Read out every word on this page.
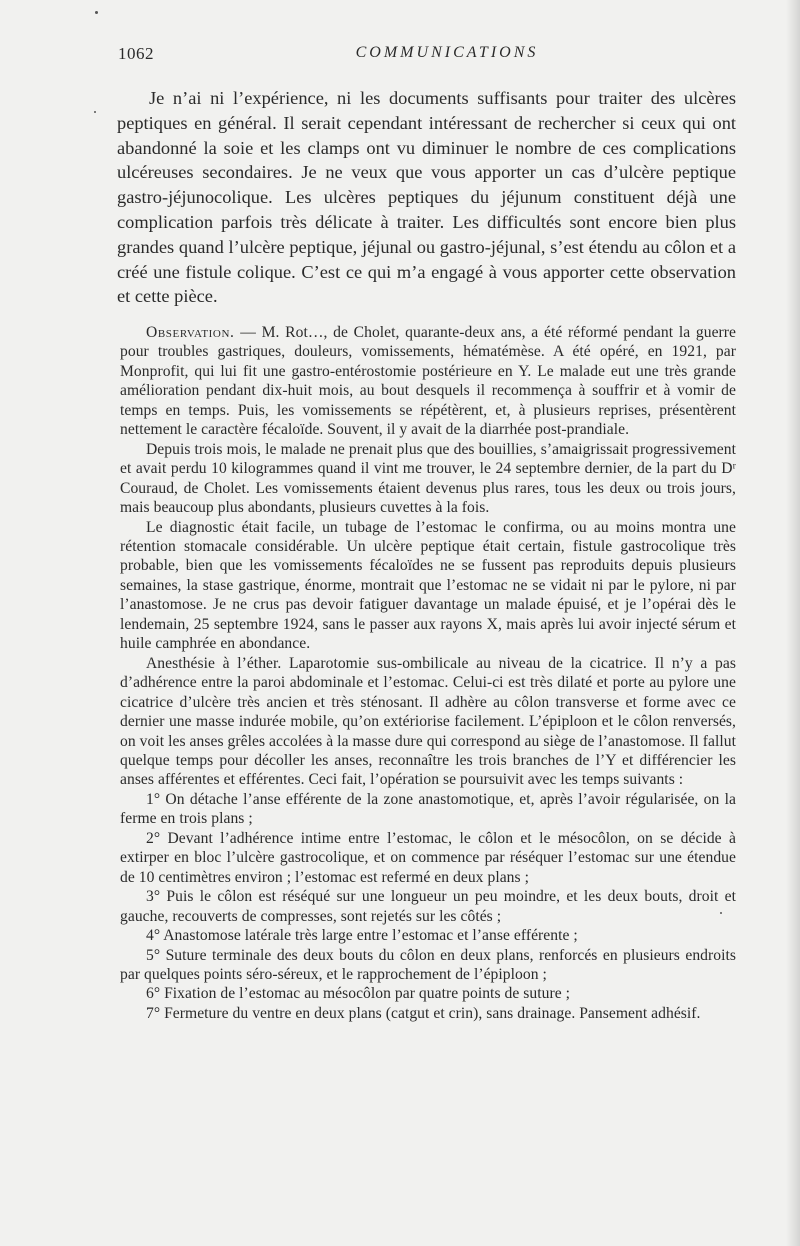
1062	COMMUNICATIONS

Je n’ai ni l’expérience, ni les documents suffisants pour traiter des ulcères peptiques en général. Il serait cependant intéressant de rechercher si ceux qui ont abandonné la soie et les clamps ont vu diminuer le nombre de ces complications ulcéreuses secondaires. Je ne veux que vous apporter un cas d’ulcère peptique gastro-jéjunocolique. Les ulcères peptiques du jéjunum constituent déjà une complication parfois très délicate à traiter. Les difficultés sont encore bien plus grandes quand l’ulcère peptique, jéjunal ou gastro-jéjunal, s’est étendu au côlon et a créé une fistule colique. C’est ce qui m’a engagé à vous apporter cette observation et cette pièce.

Observation. — M. Rot…, de Cholet, quarante-deux ans, a été réformé pendant la guerre pour troubles gastriques, douleurs, vomissements, hématémèse. A été opéré, en 1921, par Monprofit, qui lui fit une gastro-entérostomie postérieure en Y. Le malade eut une très grande amélioration pendant dix-huit mois, au bout desquels il recommença à souffrir et à vomir de temps en temps. Puis, les vomissements se répétèrent, et, à plusieurs reprises, présentèrent nettement le caractère fécaloïde. Souvent, il y avait de la diarrhée post-prandiale.

Depuis trois mois, le malade ne prenait plus que des bouillies, s’amaigrissait progressivement et avait perdu 10 kilogrammes quand il vint me trouver, le 24 septembre dernier, de la part du Dʳ Couraud, de Cholet. Les vomissements étaient devenus plus rares, tous les deux ou trois jours, mais beaucoup plus abondants, plusieurs cuvettes à la fois.

Le diagnostic était facile, un tubage de l’estomac le confirma, ou au moins montra une rétention stomacale considérable. Un ulcère peptique était certain, fistule gastrocolique très probable, bien que les vomissements fécaloïdes ne se fussent pas reproduits depuis plusieurs semaines, la stase gastrique, énorme, montrait que l’estomac ne se vidait ni par le pylore, ni par l’anastomose. Je ne crus pas devoir fatiguer davantage un malade épuisé, et je l’opérai dès le lendemain, 25 septembre 1924, sans le passer aux rayons X, mais après lui avoir injecté sérum et huile camphrée en abondance.

Anesthésie à l’éther. Laparotomie sus-ombilicale au niveau de la cicatrice. Il n’y a pas d’adhérence entre la paroi abdominale et l’estomac. Celui-ci est très dilaté et porte au pylore une cicatrice d’ulcère très ancien et très sténosant. Il adhère au côlon transverse et forme avec ce dernier une masse indurée mobile, qu’on extériorise facilement. L’épiploon et le côlon renversés, on voit les anses grêles accolées à la masse dure qui correspond au siège de l’anastomose. Il fallut quelque temps pour décoller les anses, reconnaître les trois branches de l’Y et différencier les anses afférentes et efférentes. Ceci fait, l’opération se poursuivit avec les temps suivants :

1° On détache l’anse efférente de la zone anastomotique, et, après l’avoir régularisée, on la ferme en trois plans ;

2° Devant l’adhérence intime entre l’estomac, le côlon et le mésocôlon, on se décide à extirper en bloc l’ulcère gastrocolique, et on commence par réséquer l’estomac sur une étendue de 10 centimètres environ ; l’estomac est refermé en deux plans ;

3° Puis le côlon est réséqué sur une longueur un peu moindre, et les deux bouts, droit et gauche, recouverts de compresses, sont rejetés sur les côtés ;

4° Anastomose latérale très large entre l’estomac et l’anse efférente ;

5° Suture terminale des deux bouts du côlon en deux plans, renforcés en plusieurs endroits par quelques points séro-séreux, et le rapprochement de l’épiploon ;

6° Fixation de l’estomac au mésocôlon par quatre points de suture ;

7° Fermeture du ventre en deux plans (catgut et crin), sans drainage. Pansement adhésif.
